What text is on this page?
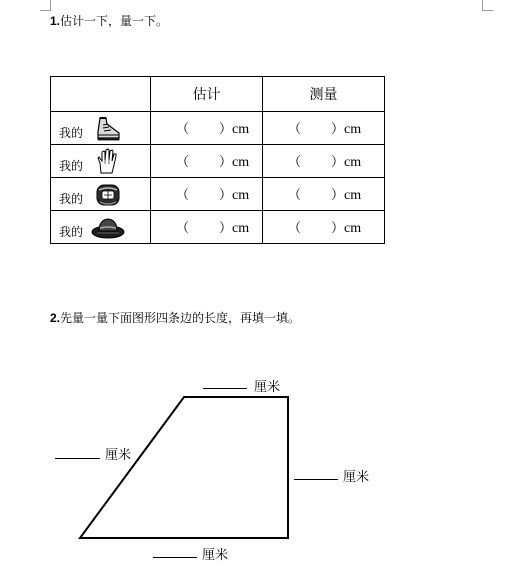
1.估计一下，量一下。
	估计	测量

我的	（ ）cm	（ ）cm

我的	（ ）cm	（ ）cm

我的	（ ）cm	（ ）cm

我的	（ ）cm	（ ）cm
2.先量一量下面图形四条边的长度，再填一填。
厘米
厘米
厘米
厘米
